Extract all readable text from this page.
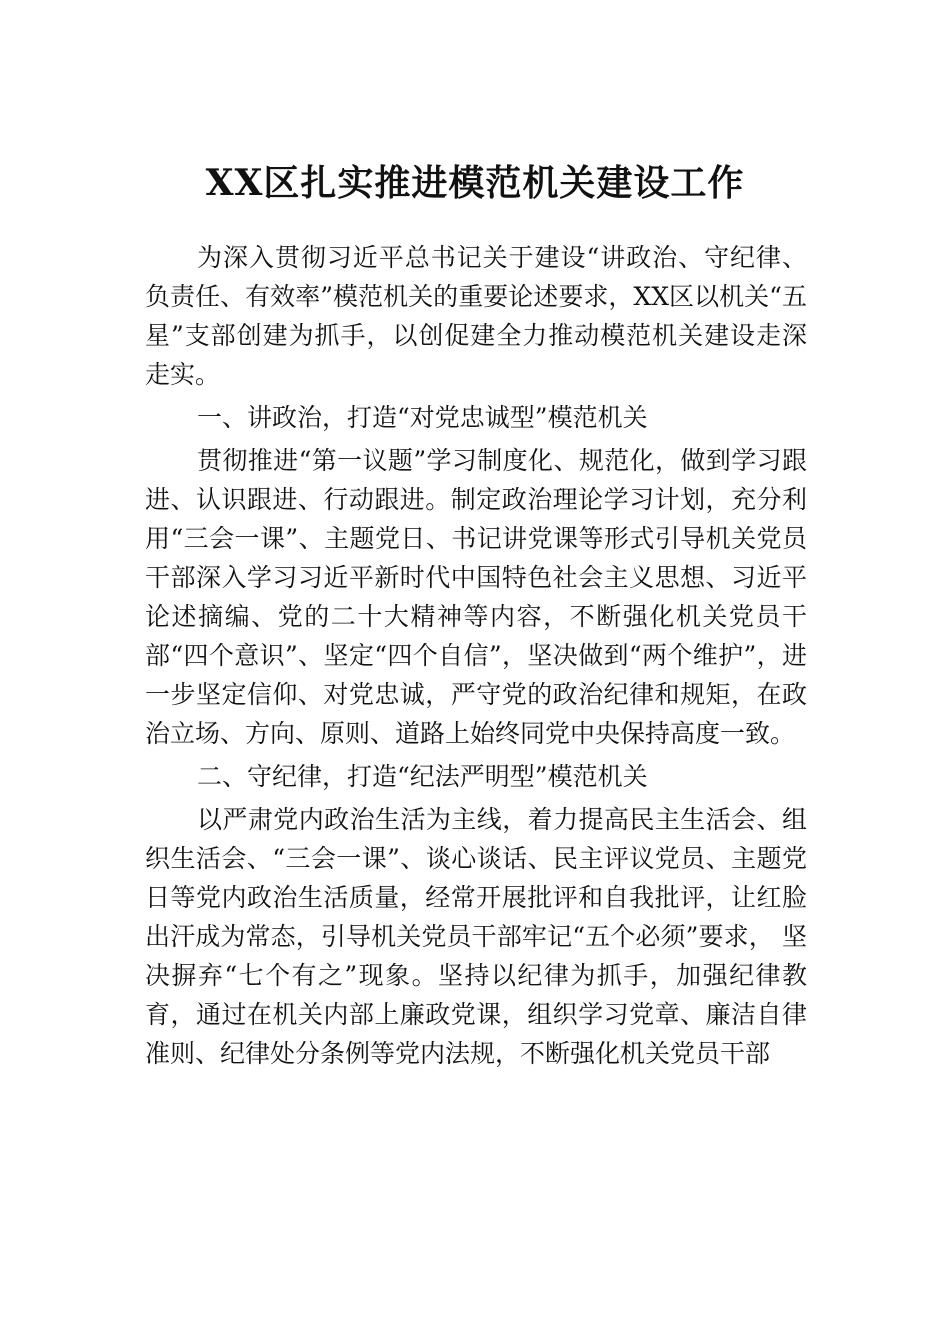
XX区扎实推进模范机关建设工作

为深入贯彻习近平总书记关于建设“讲政治、守纪律、负责任、有效率”模范机关的重要论述要求，XX区以机关“五星”支部创建为抓手，以创促建全力推动模范机关建设走深走实。

一、讲政治，打造“对党忠诚型”模范机关

贯彻推进“第一议题”学习制度化、规范化，做到学习跟进、认识跟进、行动跟进。制定政治理论学习计划，充分利用“三会一课”、主题党日、书记讲党课等形式引导机关党员干部深入学习习近平新时代中国特色社会主义思想、习近平论述摘编、党的二十大精神等内容，不断强化机关党员干部“四个意识”、坚定“四个自信”，坚决做到“两个维护”，进一步坚定信仰、对党忠诚，严守党的政治纪律和规矩，在政治立场、方向、原则、道路上始终同党中央保持高度一致。

二、守纪律，打造“纪法严明型”模范机关

以严肃党内政治生活为主线，着力提高民主生活会、组织生活会、“三会一课”、谈心谈话、民主评议党员、主题党日等党内政治生活质量，经常开展批评和自我批评，让红脸出汗成为常态，引导机关党员干部牢记“五个必须”要求， 坚决摒弃“七个有之”现象。坚持以纪律为抓手，加强纪律教育，通过在机关内部上廉政党课，组织学习党章、廉洁自律准则、纪律处分条例等党内法规，不断强化机关党员干部
